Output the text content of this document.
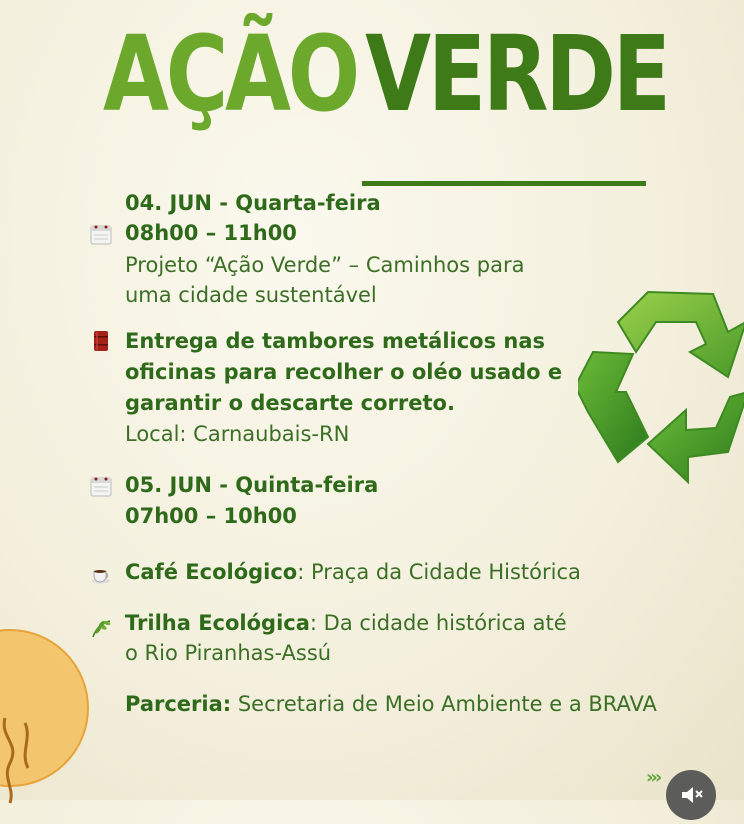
AÇÃOVERDE
04. JUN - Quarta-feira
08h00 – 11h00
Projeto “Ação Verde” – Caminhos para
uma cidade sustentável
Entrega de tambores metálicos nas
oficinas para recolher o oléo usado e
garantir o descarte correto.
Local: Carnaubais-RN
05. JUN - Quinta-feira
07h00 – 10h00
Café Ecológico: Praça da Cidade Histórica
Trilha Ecológica: Da cidade histórica até
o Rio Piranhas-Assú
Parceria: Secretaria de Meio Ambiente e a BRAVA
›››
